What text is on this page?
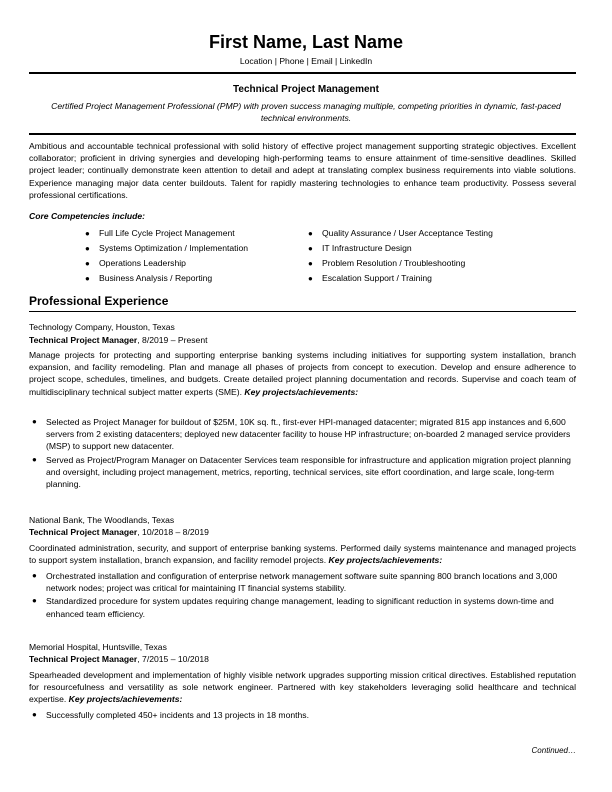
First Name, Last Name
Location | Phone | Email | LinkedIn
Technical Project Management
Certified Project Management Professional (PMP) with proven success managing multiple, competing priorities in dynamic, fast-paced technical environments.
Ambitious and accountable technical professional with solid history of effective project management supporting strategic objectives. Excellent collaborator; proficient in driving synergies and developing high-performing teams to ensure attainment of time-sensitive deadlines. Skilled project leader; continually demonstrate keen attention to detail and adept at translating complex business requirements into viable solutions. Experience managing major data center buildouts. Talent for rapidly mastering technologies to enhance team productivity. Possess several professional certifications.
Core Competencies include:
● Full Life Cycle Project Management
● Systems Optimization / Implementation
● Operations Leadership
● Business Analysis / Reporting
● Quality Assurance / User Acceptance Testing
● IT Infrastructure Design
● Problem Resolution / Troubleshooting
● Escalation Support / Training
Professional Experience
Technology Company, Houston, Texas
Technical Project Manager, 8/2019 – Present
Manage projects for protecting and supporting enterprise banking systems including initiatives for supporting system installation, branch expansion, and facility remodeling. Plan and manage all phases of projects from concept to execution. Develop and ensure adherence to project scope, schedules, timelines, and budgets. Create detailed project planning documentation and records. Supervise and coach team of multidisciplinary technical subject matter experts (SME). Key projects/achievements:
● Selected as Project Manager for buildout of $25M, 10K sq. ft., first-ever HPI-managed datacenter; migrated 815 app instances and 6,600 servers from 2 existing datacenters; deployed new datacenter facility to house HP infrastructure; on-boarded 2 managed service providers (MSP) to support new datacenter.
● Served as Project/Program Manager on Datacenter Services team responsible for infrastructure and application migration project planning and oversight, including project management, metrics, reporting, technical services, site effort coordination, and large scale, long-term planning.
National Bank, The Woodlands, Texas
Technical Project Manager, 10/2018 – 8/2019
Coordinated administration, security, and support of enterprise banking systems. Performed daily systems maintenance and managed projects to support system installation, branch expansion, and facility remodel projects. Key projects/achievements:
● Orchestrated installation and configuration of enterprise network management software suite spanning 800 branch locations and 3,000 network nodes; project was critical for maintaining IT financial systems stability.
● Standardized procedure for system updates requiring change management, leading to significant reduction in systems down-time and enhanced team efficiency.
Memorial Hospital, Huntsville, Texas
Technical Project Manager, 7/2015 – 10/2018
Spearheaded development and implementation of highly visible network upgrades supporting mission critical directives. Established reputation for resourcefulness and versatility as sole network engineer. Partnered with key stakeholders leveraging solid healthcare and technical expertise. Key projects/achievements:
● Successfully completed 450+ incidents and 13 projects in 18 months.
Continued…
